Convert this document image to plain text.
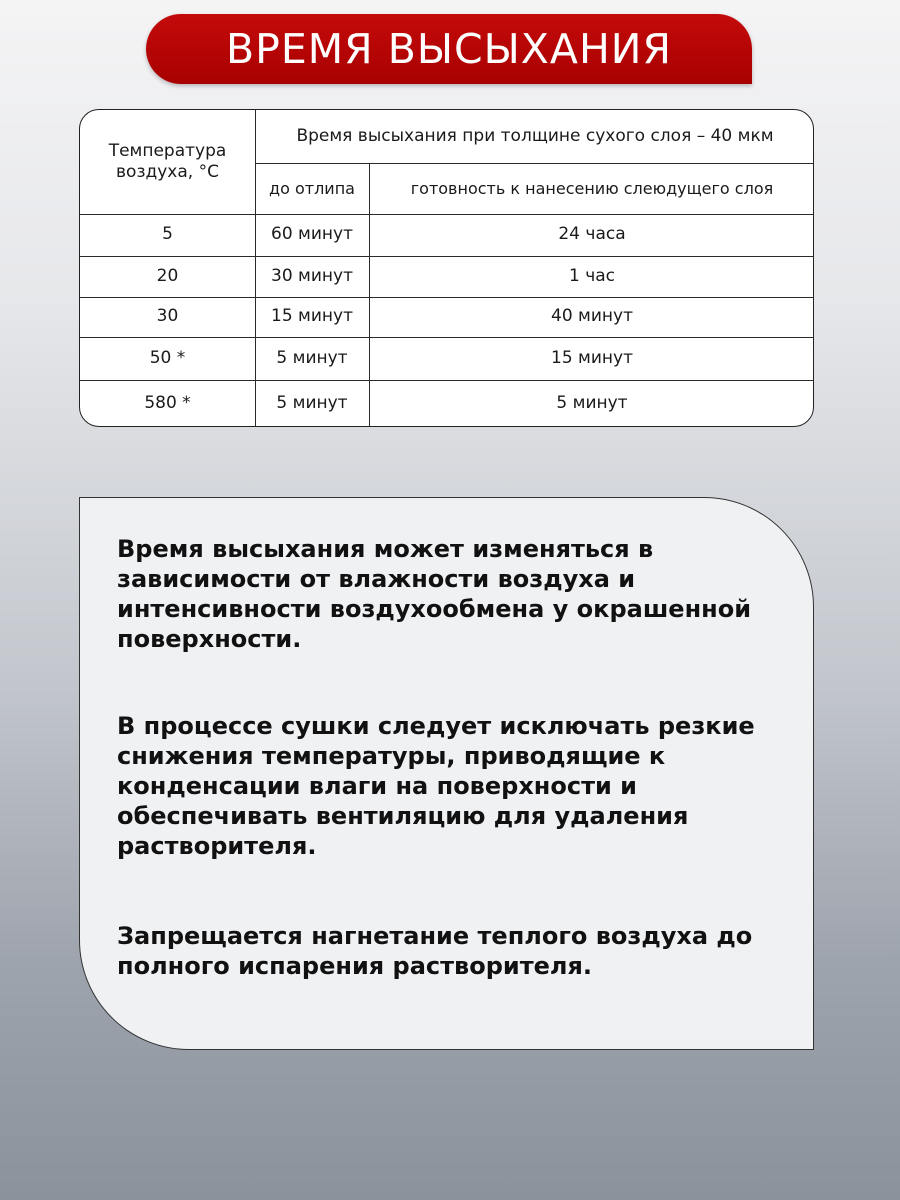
ВРЕМЯ ВЫСЫХАНИЯ
Температура воздуха, °С
Время высыхания при толщине сухого слоя – 40 мкм
до отлипа	готовность к нанесению слеюдущего слоя
5	60 минут	24 часа
20	30 минут	1 час
30	15 минут	40 минут
50 *	5 минут	15 минут
580 *	5 минут	5 минут

Время высыхания может изменяться в зависимости от влажности воздуха и интенсивности воздухообмена у окрашенной поверхности.

В процессе сушки следует исключать резкие снижения температуры, приводящие к конденсации влаги на поверхности и обеспечивать вентиляцию для удаления растворителя.

Запрещается нагнетание теплого воздуха до полного испарения растворителя.
